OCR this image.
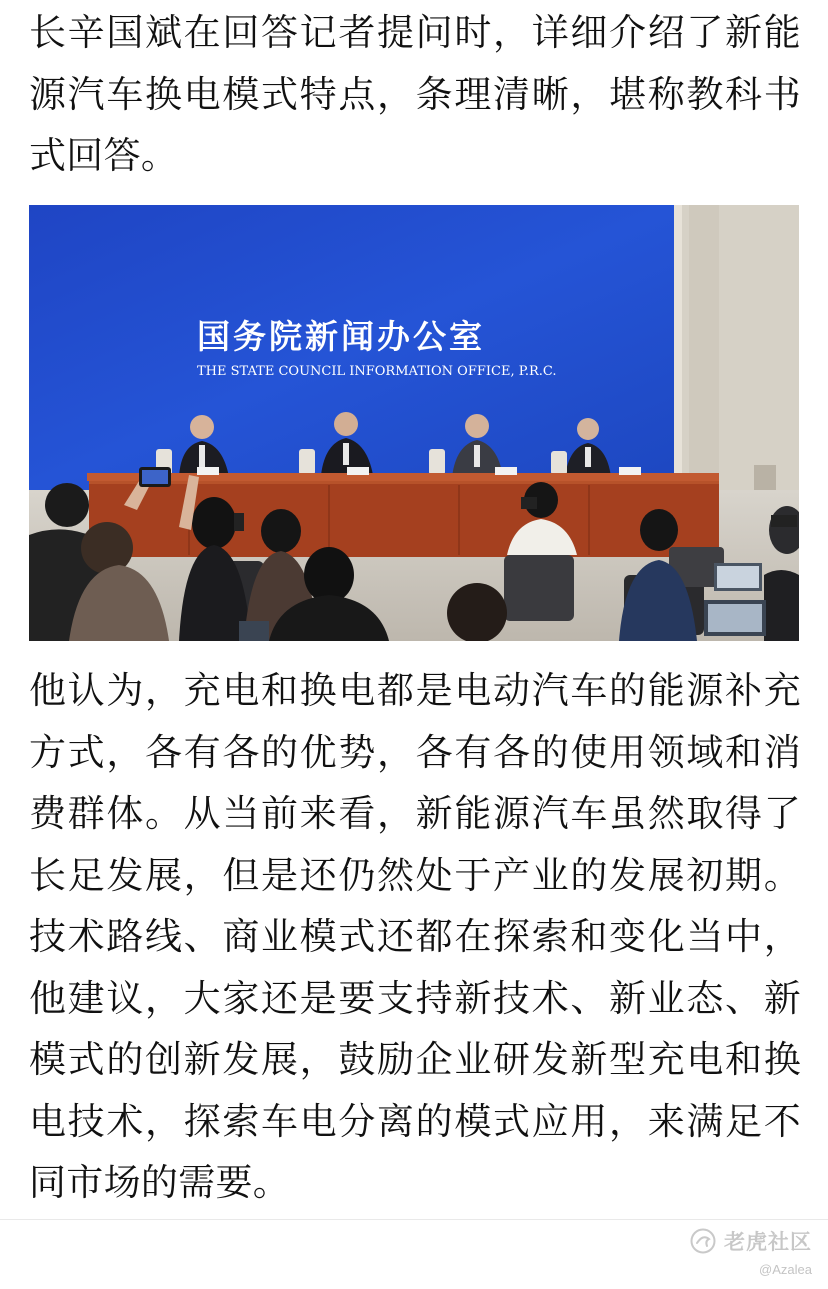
长辛国斌在回答记者提问时，详细介绍了新能源汽车换电模式特点，条理清晰，堪称教科书式回答。

国务院新闻办公室
THE STATE COUNCIL INFORMATION OFFICE, P.R.C.

他认为，充电和换电都是电动汽车的能源补充方式，各有各的优势，各有各的使用领域和消费群体。从当前来看，新能源汽车虽然取得了长足发展，但是还仍然处于产业的发展初期。技术路线、商业模式还都在探索和变化当中，他建议，大家还是要支持新技术、新业态、新模式的创新发展，鼓励企业研发新型充电和换电技术，探索车电分离的模式应用，来满足不同市场的需要。

老虎社区
@Azalea
